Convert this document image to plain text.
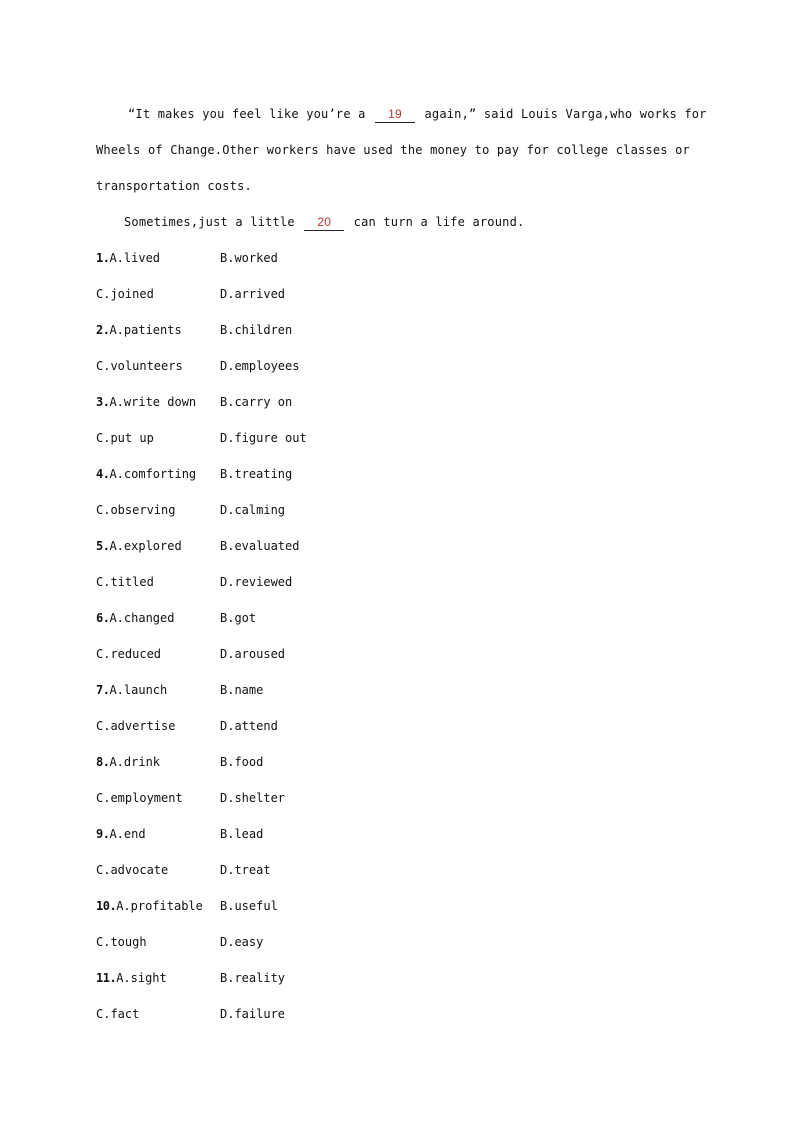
“It makes you feel like you’re a 19 again,” said Louis Varga,who works for
Wheels of Change.Other workers have used the money to pay for college classes or
transportation costs.
Sometimes,just a little 20 can turn a life around.
1.A.lived	B.worked
C.joined	D.arrived
2.A.patients	B.children
C.volunteers	D.employees
3.A.write down	B.carry on
C.put up	D.figure out
4.A.comforting	B.treating
C.observing	D.calming
5.A.explored	B.evaluated
C.titled	D.reviewed
6.A.changed	B.got
C.reduced	D.aroused
7.A.launch	B.name
C.advertise	D.attend
8.A.drink	B.food
C.employment	D.shelter
9.A.end	B.lead
C.advocate	D.treat
10.A.profitable	B.useful
C.tough	D.easy
11.A.sight	B.reality
C.fact	D.failure
